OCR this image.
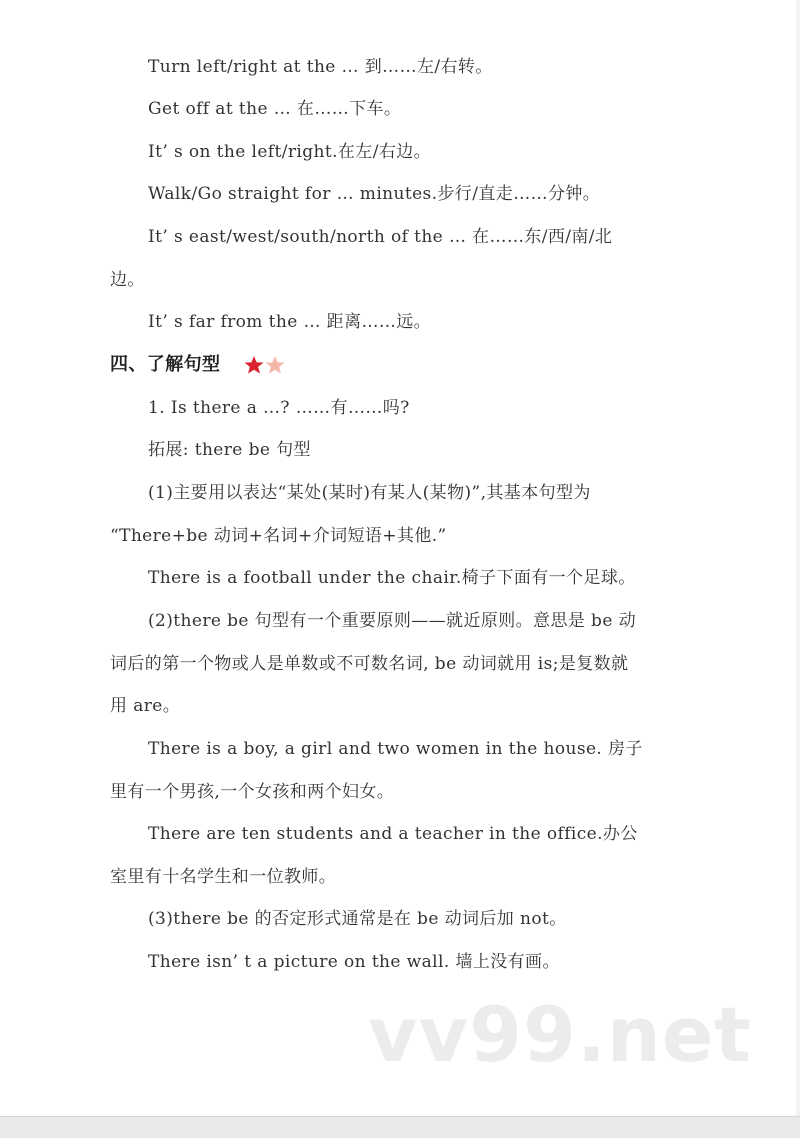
Turn left/right at the … 到……左/右转。
Get off at the … 在……下车。
It’ s on the left/right.在左/右边。
Walk/Go straight for … minutes.步行/直走……分钟。
It’ s east/west/south/north of the … 在……东/西/南/北
边。
It’ s far from the … 距离……远。
四、了解句型
1. Is there a …? ……有……吗?
拓展: there be 句型
(1)主要用以表达“某处(某时)有某人(某物)”,其基本句型为
“There+be 动词+名词+介词短语+其他.”
There is a football under the chair.椅子下面有一个足球。
(2)there be 句型有一个重要原则——就近原则。意思是 be 动
词后的第一个物或人是单数或不可数名词, be 动词就用 is;是复数就
用 are。
There is a boy, a girl and two women in the house. 房子
里有一个男孩,一个女孩和两个妇女。
There are ten students and a teacher in the office.办公
室里有十名学生和一位教师。
(3)there be 的否定形式通常是在 be 动词后加 not。
There isn’ t a picture on the wall. 墙上没有画。
vv99.net
